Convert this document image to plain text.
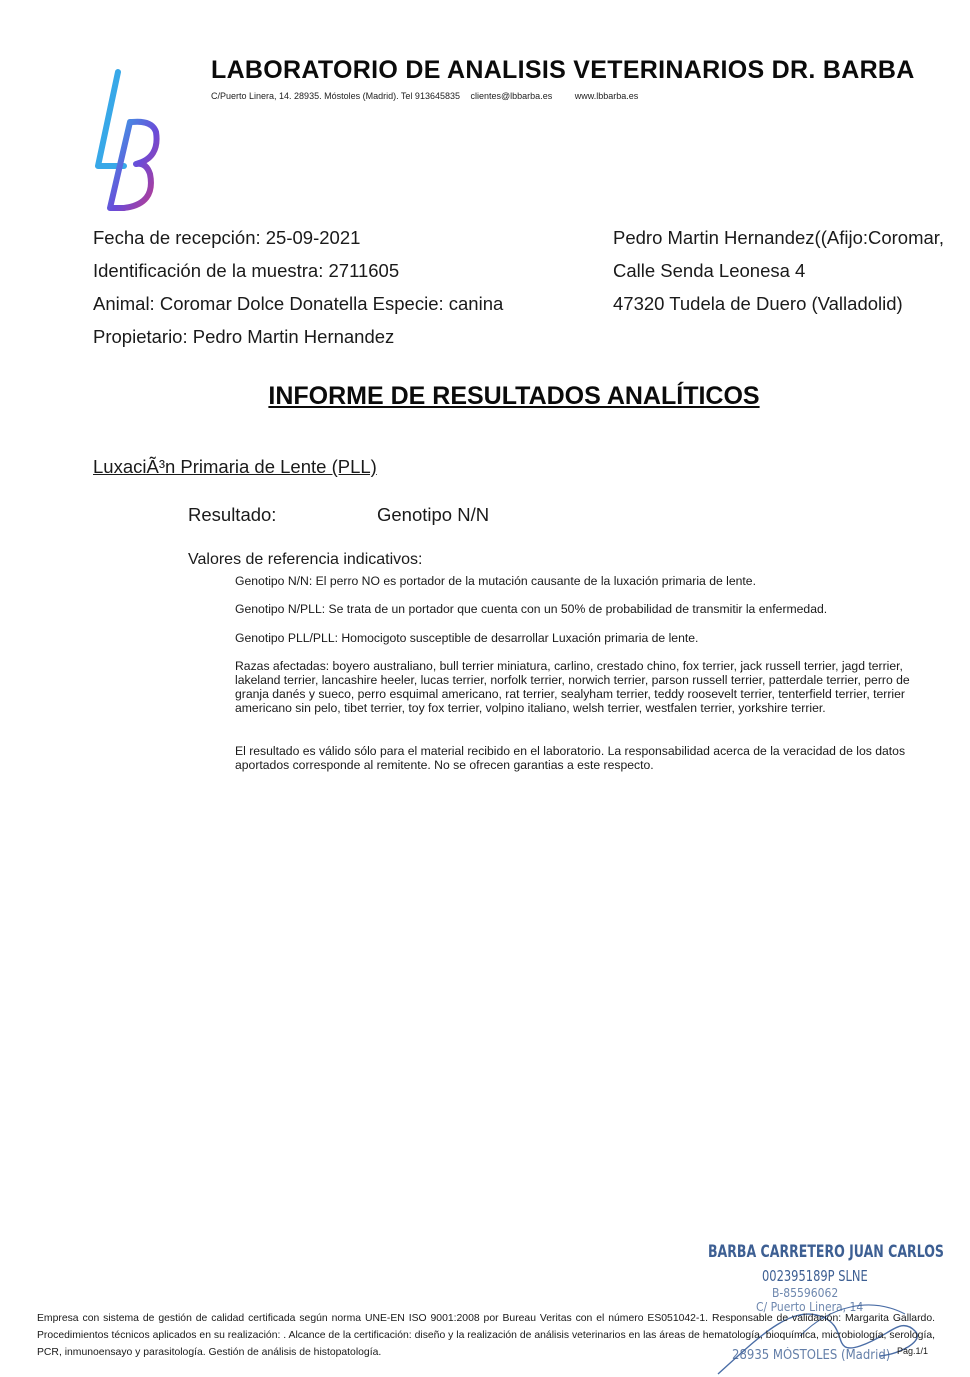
LABORATORIO DE ANALISIS VETERINARIOS DR. BARBA
C/Puerto Linera, 14. 28935. Móstoles (Madrid). Tel 913645835 clientes@lbbarba.es	www.lbbarba.es
Fecha de recepción: 25-09-2021
Identificación de la muestra: 2711605
Animal: Coromar Dolce Donatella Especie: canina
Propietario: Pedro Martin Hernandez
Pedro Martin Hernandez((Afijo:Coromar,
Calle Senda Leonesa 4
47320 Tudela de Duero (Valladolid)
INFORME DE RESULTADOS ANALÍTICOS
LuxaciÃ³n Primaria de Lente (PLL)
Resultado:	Genotipo N/N
Valores de referencia indicativos:
Genotipo N/N: El perro NO es portador de la mutación causante de la luxación primaria de lente.
Genotipo N/PLL: Se trata de un portador que cuenta con un 50% de probabilidad de transmitir la enfermedad.
Genotipo PLL/PLL: Homocigoto susceptible de desarrollar Luxación primaria de lente.
Razas afectadas: boyero australiano, bull terrier miniatura, carlino, crestado chino, fox terrier, jack russell terrier, jagd terrier, lakeland terrier, lancashire heeler, lucas terrier, norfolk terrier, norwich terrier, parson russell terrier, patterdale terrier, perro de granja danés y sueco, perro esquimal americano, rat terrier, sealyham terrier, teddy roosevelt terrier, tenterfield terrier, terrier americano sin pelo, tibet terrier, toy fox terrier, volpino italiano, welsh terrier, westfalen terrier, yorkshire terrier.
El resultado es válido sólo para el material recibido en el laboratorio. La responsabilidad acerca de la veracidad de los datos aportados corresponde al remitente. No se ofrecen garantias a este respecto.
BARBA CARRETERO JUAN CARLOS
002395189P SLNE
B-85596062
C/ Puerto Linera, 14
28935 MÓSTOLES (Madrid)
Empresa con sistema de gestión de calidad certificada según norma UNE-EN ISO 9001:2008 por Bureau Veritas con el número ES051042-1. Responsable de validación: Margarita Gallardo. Procedimientos técnicos aplicados en su realización: . Alcance de la certificación: diseño y la realización de análisis veterinarios en las áreas de hematología, bioquímica, microbiología, serología, PCR, inmunoensayo y parasitología. Gestión de análisis de histopatología.	Pág.1/1
